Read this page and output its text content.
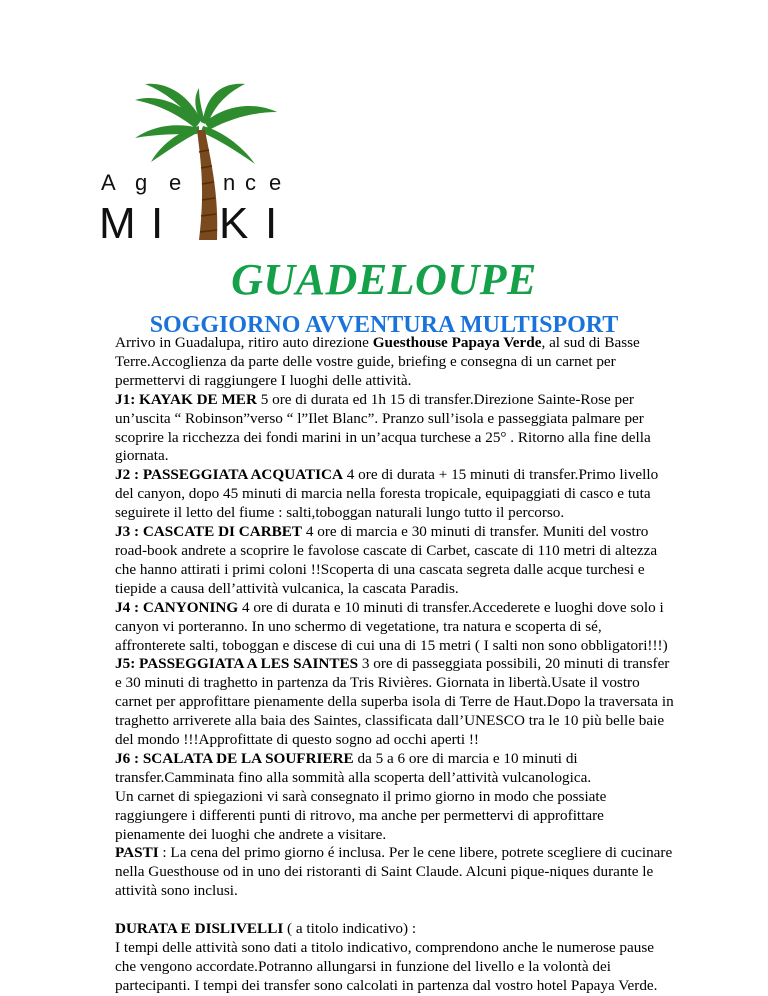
A g e n c e
M I K I
GUADELOUPE
SOGGIORNO AVVENTURA MULTISPORT

Arrivo in Guadalupa, ritiro auto direzione Guesthouse Papaya Verde, al sud di Basse Terre.Accoglienza da parte delle vostre guide, briefing e consegna di un carnet per permettervi di raggiungere I luoghi delle attività.

J1: KAYAK DE MER 5 ore di durata ed 1h 15 di transfer.Direzione Sainte-Rose per un’uscita “ Robinson”verso “ l”Ilet Blanc”. Pranzo sull’isola e passeggiata palmare per scoprire la ricchezza dei fondi marini in un’acqua turchese a 25° . Ritorno alla fine della giornata.

J2 : PASSEGGIATA ACQUATICA 4 ore di durata + 15 minuti di transfer.Primo livello del canyon, dopo 45 minuti di marcia nella foresta tropicale, equipaggiati di casco e tuta seguirete il letto del fiume : salti,toboggan naturali lungo tutto il percorso.

J3 : CASCATE DI CARBET 4 ore di marcia e 30 minuti di transfer. Muniti del vostro road-book andrete a scoprire le favolose cascate di Carbet, cascate di 110 metri di altezza che hanno attirati i primi coloni !!Scoperta di una cascata segreta dalle acque turchesi e tiepide a causa dell’attività vulcanica, la cascata Paradis.

J4 : CANYONING 4 ore di durata e 10 minuti di transfer.Accederete e luoghi dove solo i canyon vi porteranno. In uno schermo di vegetatione, tra natura e scoperta di sé, affronterete salti, toboggan e discese di cui una di 15 metri ( I salti non sono obbligatori!!!)

J5: PASSEGGIATA A LES SAINTES 3 ore di passeggiata possibili, 20 minuti di transfer e 30 minuti di traghetto in partenza da Tris Rivières. Giornata in libertà.Usate il vostro carnet per approfittare pienamente della superba isola di Terre de Haut.Dopo la traversata in traghetto arriverete alla baia des Saintes, classificata dall’UNESCO tra le 10 più belle baie del mondo !!!Approfittate di questo sogno ad occhi aperti !!

J6 : SCALATA DE LA SOUFRIERE da 5 a 6 ore di marcia e 10 minuti di transfer.Camminata fino alla sommità alla scoperta dell’attività vulcanologica.

Un carnet di spiegazioni vi sarà consegnato il primo giorno in modo che possiate raggiungere i differenti punti di ritrovo, ma anche per permettervi di approfittare pienamente dei luoghi che andrete a visitare.

PASTI : La cena del primo giorno é inclusa. Per le cene libere, potrete scegliere di cucinare nella Guesthouse od in uno dei ristoranti di Saint Claude. Alcuni pique-niques durante le attività sono inclusi.

DURATA E DISLIVELLI ( a titolo indicativo) :

I tempi delle attività sono dati a titolo indicativo, comprendono anche le numerose pause che vengono accordate.Potranno allungarsi in funzione del livello e la volontà dei partecipanti. I tempi dei transfer sono calcolati in partenza dal vostro hotel Papaya Verde.
